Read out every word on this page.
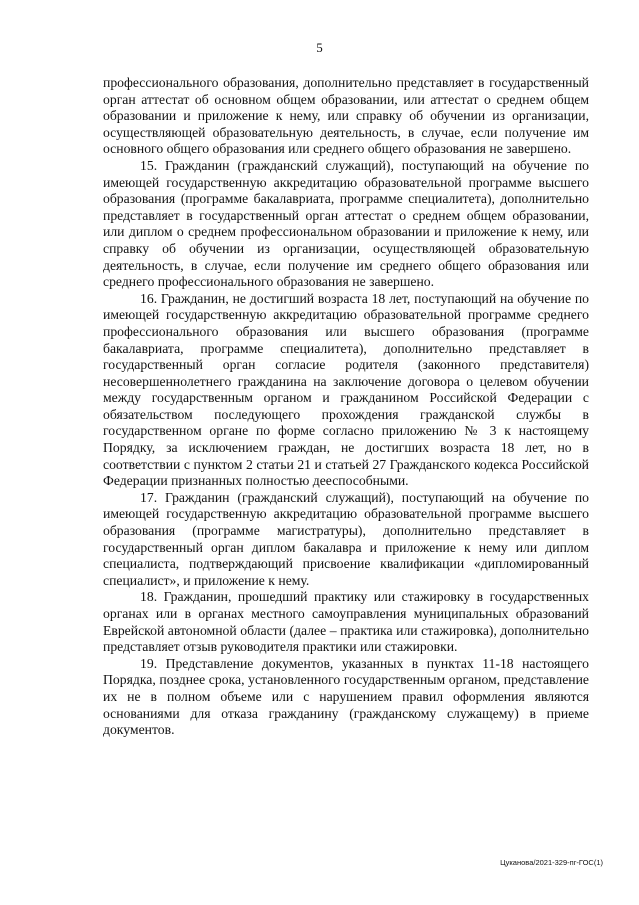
5

профессионального образования, дополнительно представляет в государственный орган аттестат об основном общем образовании, или аттестат о среднем общем образовании и приложение к нему, или справку об обучении из организации, осуществляющей образовательную деятельность, в случае, если получение им основного общего образования или среднего общего образования не завершено.

15. Гражданин (гражданский служащий), поступающий на обучение по имеющей государственную аккредитацию образовательной программе высшего образования (программе бакалавриата, программе специалитета), дополнительно представляет в государственный орган аттестат о среднем общем образовании, или диплом о среднем профессиональном образовании и приложение к нему, или справку об обучении из организации, осуществляющей образовательную деятельность, в случае, если получение им среднего общего образования или среднего профессионального образования не завершено.

16. Гражданин, не достигший возраста 18 лет, поступающий на обучение по имеющей государственную аккредитацию образовательной программе среднего профессионального образования или высшего образования (программе бакалавриата, программе специалитета), дополнительно представляет в государственный орган согласие родителя (законного представителя) несовершеннолетнего гражданина на заключение договора о целевом обучении между государственным органом и гражданином Российской Федерации с обязательством последующего прохождения гражданской службы в государственном органе по форме согласно приложению № 3 к настоящему Порядку, за исключением граждан, не достигших возраста 18 лет, но в соответствии с пунктом 2 статьи 21 и статьей 27 Гражданского кодекса Российской Федерации признанных полностью дееспособными.

17. Гражданин (гражданский служащий), поступающий на обучение по имеющей государственную аккредитацию образовательной программе высшего образования (программе магистратуры), дополнительно представляет в государственный орган диплом бакалавра и приложение к нему или диплом специалиста, подтверждающий присвоение квалификации «дипломированный специалист», и приложение к нему.

18. Гражданин, прошедший практику или стажировку в государственных органах или в органах местного самоуправления муниципальных образований Еврейской автономной области (далее – практика или стажировка), дополнительно представляет отзыв руководителя практики или стажировки.

19. Представление документов, указанных в пунктах 11-18 настоящего Порядка, позднее срока, установленного государственным органом, представление их не в полном объеме или с нарушением правил оформления являются основаниями для отказа гражданину (гражданскому служащему) в приеме документов.

Цуканова/2021-329-пг-ГОС(1)
